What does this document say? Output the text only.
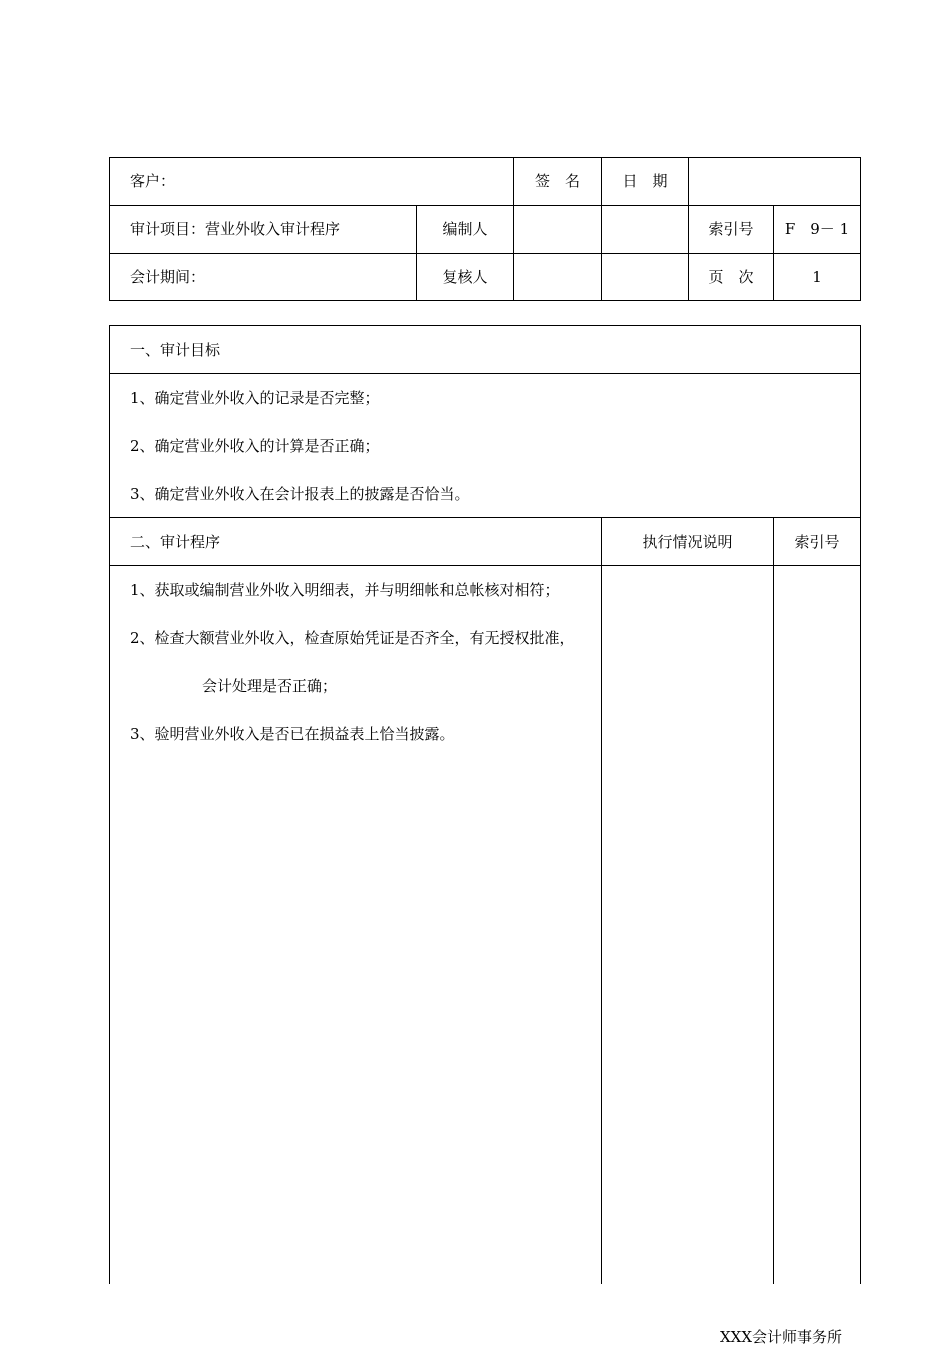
客户：	签　名	日　期
审计项目：营业外收入审计程序	编制人	索引号	F　9－ 1
会计期间：	复核人	页　次	1
一、审计目标
1、确定营业外收入的记录是否完整；
2、确定营业外收入的计算是否正确；
3、确定营业外收入在会计报表上的披露是否恰当。
二、审计程序	执行情况说明	索引号
1、获取或编制营业外收入明细表，并与明细帐和总帐核对相符；
2、检查大额营业外收入，检查原始凭证是否齐全，有无授权批准，
会计处理是否正确；
3、验明营业外收入是否已在损益表上恰当披露。
XXX会计师事务所
